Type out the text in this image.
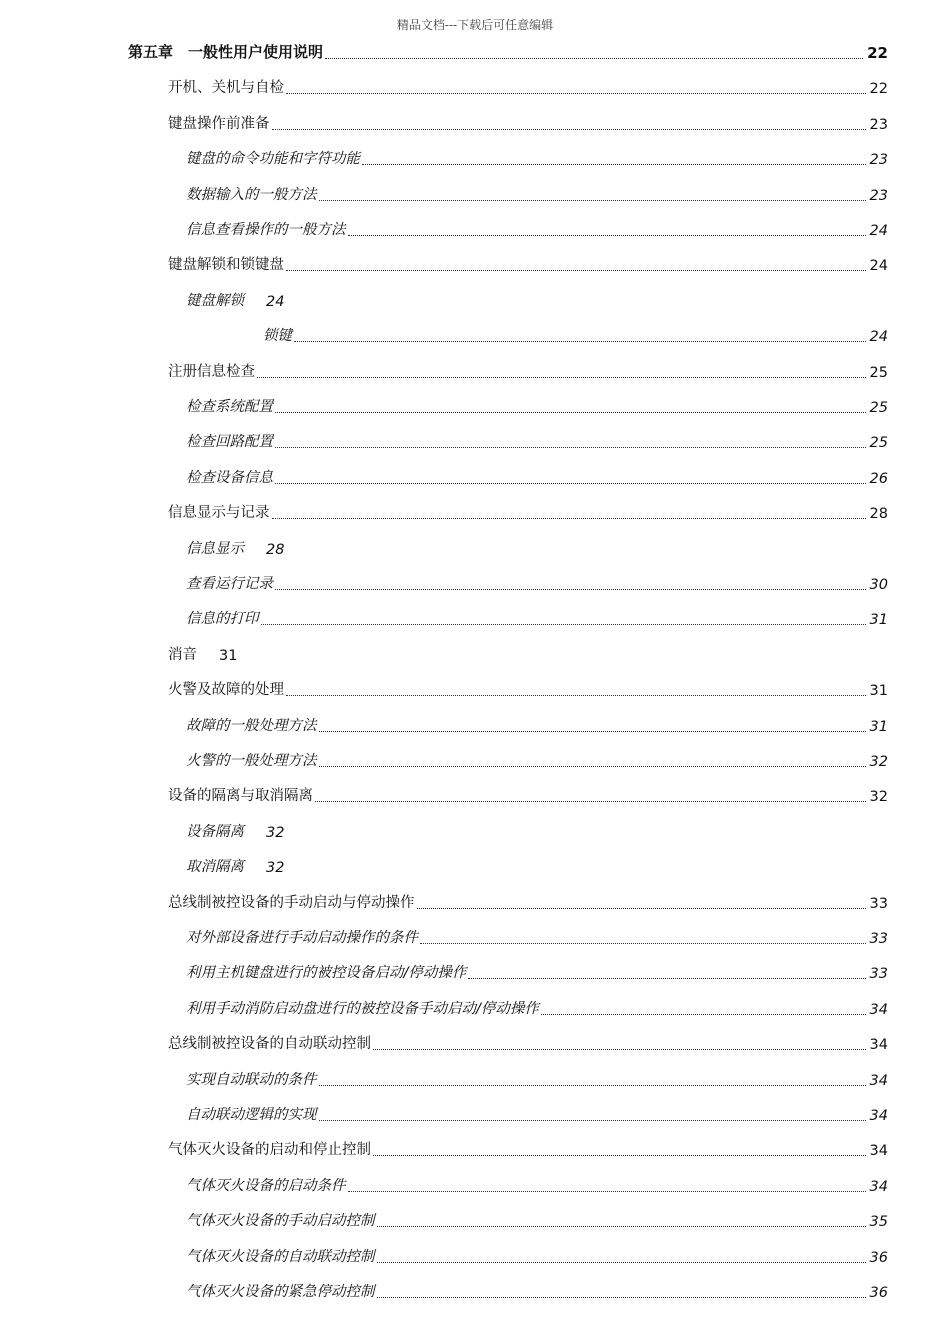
精品文档---下载后可任意编辑
第五章　一般性用户使用说明	22
开机、关机与自检	22
键盘操作前准备	23
键盘的命令功能和字符功能	23
数据输入的一般方法	23
信息查看操作的一般方法	24
键盘解锁和锁键盘	24
键盘解锁 24
锁键	24
注册信息检查	25
检查系统配置	25
检查回路配置	25
检查设备信息	26
信息显示与记录	28
信息显示 28
查看运行记录	30
信息的打印	31
消音 31
火警及故障的处理	31
故障的一般处理方法	31
火警的一般处理方法	32
设备的隔离与取消隔离	32
设备隔离 32
取消隔离 32
总线制被控设备的手动启动与停动操作	33
对外部设备进行手动启动操作的条件	33
利用主机键盘进行的被控设备启动/停动操作	33
利用手动消防启动盘进行的被控设备手动启动/停动操作	34
总线制被控设备的自动联动控制	34
实现自动联动的条件	34
自动联动逻辑的实现	34
气体灭火设备的启动和停止控制	34
气体灭火设备的启动条件	34
气体灭火设备的手动启动控制	35
气体灭火设备的自动联动控制	36
气体灭火设备的紧急停动控制	36
